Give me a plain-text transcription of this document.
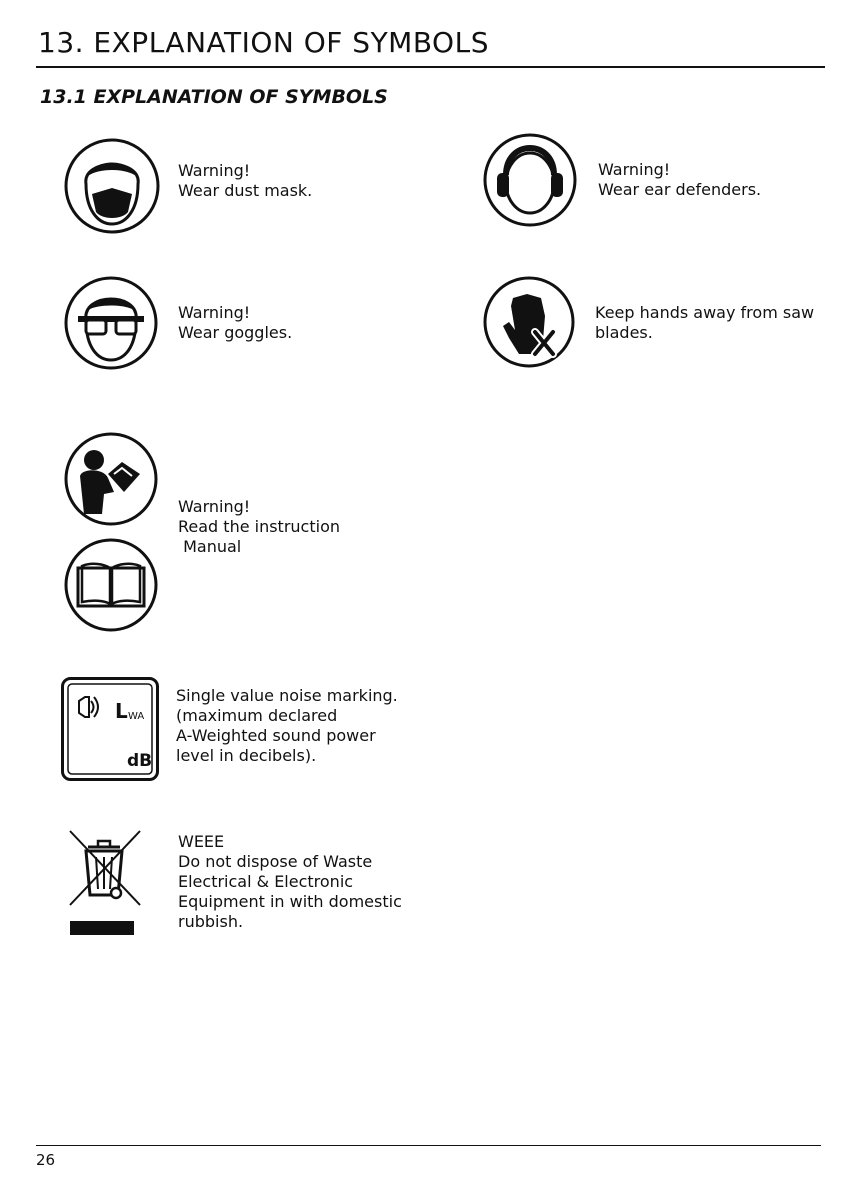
13. EXPLANATION OF SYMBOLS
13.1 EXPLANATION OF SYMBOLS
Warning!
Wear dust mask.
Warning!
Wear ear defenders.
Warning!
Wear goggles.
Keep hands away from saw
blades.
Warning!
Read the instruction
Manual
L WA
dB
Single value noise marking.
(maximum declared
A-Weighted sound power
level in decibels).
WEEE
Do not dispose of Waste
Electrical & Electronic
Equipment in with domestic
rubbish.
26
